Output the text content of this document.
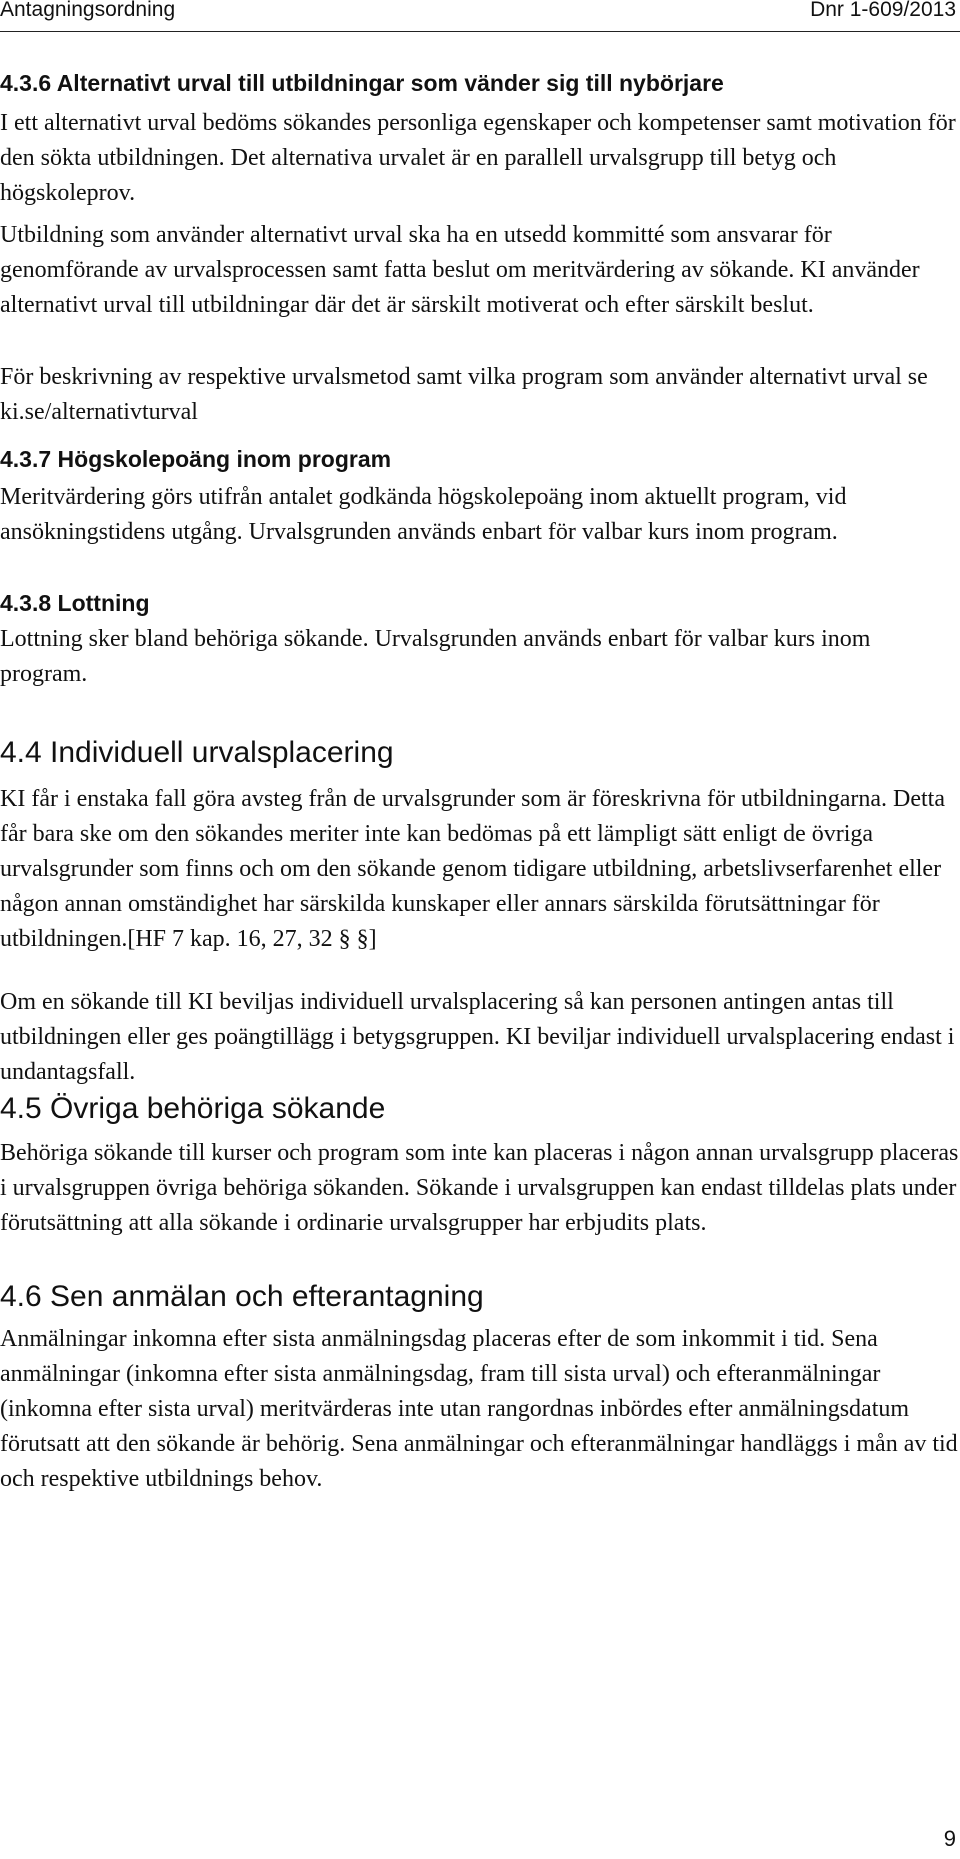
Antagningsordning	Dnr 1-609/2013
4.3.6 Alternativt urval till utbildningar som vänder sig till nybörjare

I ett alternativt urval bedöms sökandes personliga egenskaper och kompetenser samt motivation för den sökta utbildningen. Det alternativa urvalet är en parallell urvalsgrupp till betyg och högskoleprov.

Utbildning som använder alternativt urval ska ha en utsedd kommitté som ansvarar för genomförande av urvalsprocessen samt fatta beslut om meritvärdering av sökande. KI använder alternativt urval till utbildningar där det är särskilt motiverat och efter särskilt beslut.

För beskrivning av respektive urvalsmetod samt vilka program som använder alternativt urval se ki.se/alternativturval

4.3.7 Högskolepoäng inom program

Meritvärdering görs utifrån antalet godkända högskolepoäng inom aktuellt program, vid ansökningstidens utgång. Urvalsgrunden används enbart för valbar kurs inom program.

4.3.8 Lottning

Lottning sker bland behöriga sökande. Urvalsgrunden används enbart för valbar kurs inom program.

4.4 Individuell urvalsplacering

KI får i enstaka fall göra avsteg från de urvalsgrunder som är föreskrivna för utbildningarna. Detta får bara ske om den sökandes meriter inte kan bedömas på ett lämpligt sätt enligt de övriga urvalsgrunder som finns och om den sökande genom tidigare utbildning, arbetslivserfarenhet eller någon annan omständighet har särskilda kunskaper eller annars särskilda förutsättningar för utbildningen.[HF 7 kap. 16, 27, 32 § §]

Om en sökande till KI beviljas individuell urvalsplacering så kan personen antingen antas till utbildningen eller ges poängtillägg i betygsgruppen. KI beviljar individuell urvalsplacering endast i undantagsfall.

4.5 Övriga behöriga sökande

Behöriga sökande till kurser och program som inte kan placeras i någon annan urvalsgrupp placeras i urvalsgruppen övriga behöriga sökanden. Sökande i urvalsgruppen kan endast tilldelas plats under förutsättning att alla sökande i ordinarie urvalsgrupper har erbjudits plats.

4.6 Sen anmälan och efterantagning

Anmälningar inkomna efter sista anmälningsdag placeras efter de som inkommit i tid. Sena anmälningar (inkomna efter sista anmälningsdag, fram till sista urval) och efteranmälningar (inkomna efter sista urval) meritvärderas inte utan rangordnas inbördes efter anmälningsdatum förutsatt att den sökande är behörig. Sena anmälningar och efteranmälningar handläggs i mån av tid och respektive utbildnings behov.

9
